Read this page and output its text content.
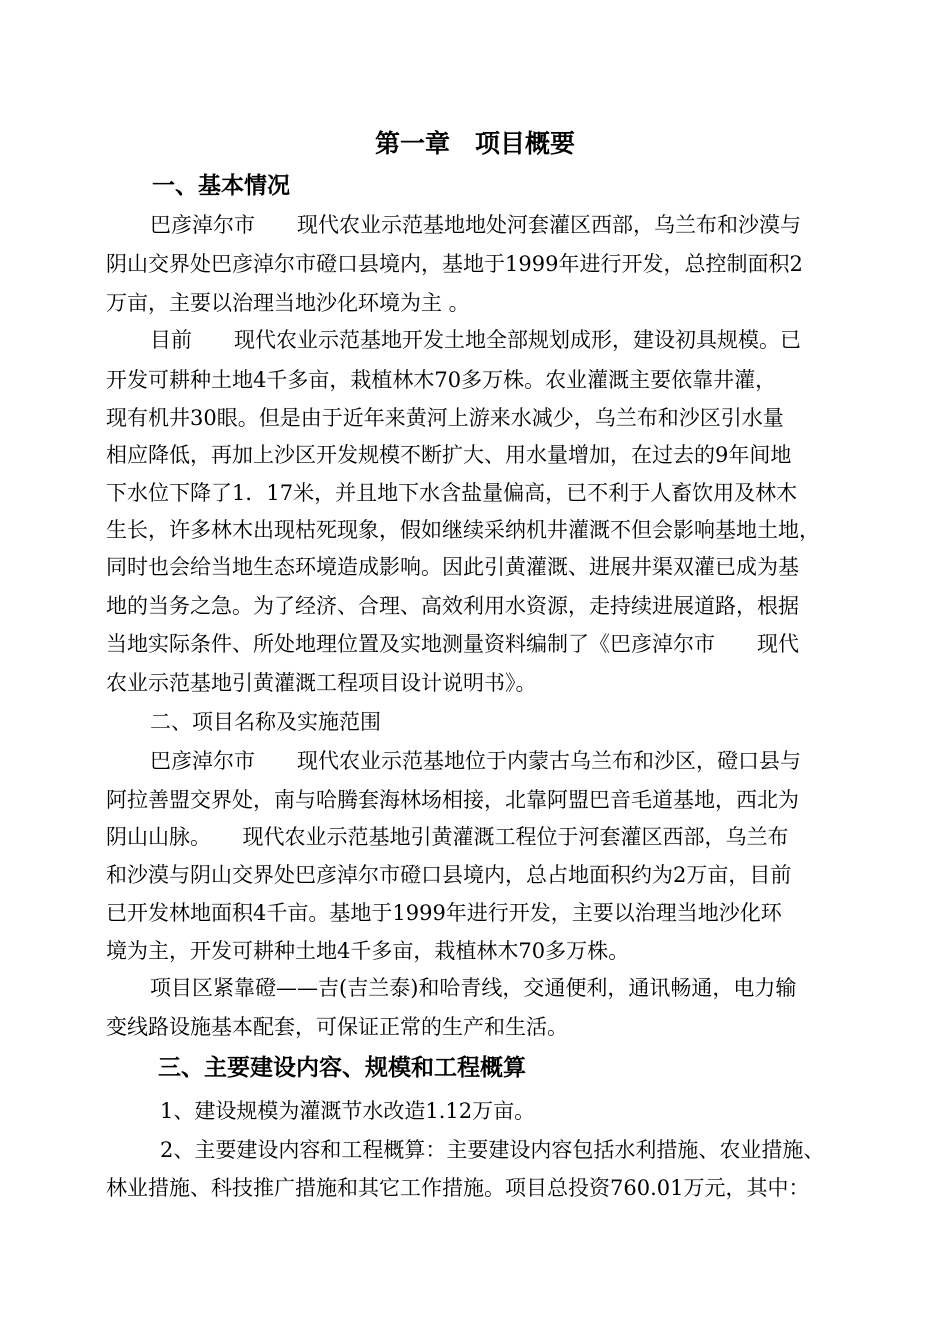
第一章　项目概要
一、基本情况
巴彦淖尔市　　现代农业示范基地地处河套灌区西部，乌兰布和沙漠与
阴山交界处巴彦淖尔市磴口县境内，基地于1999年进行开发，总控制面积2
万亩，主要以治理当地沙化环境为主 。
目前　　现代农业示范基地开发土地全部规划成形，建设初具规模。已
开发可耕种土地4千多亩，栽植林木70多万株。农业灌溉主要依靠井灌，
现有机井30眼。但是由于近年来黄河上游来水减少，乌兰布和沙区引水量
相应降低，再加上沙区开发规模不断扩大、用水量增加，在过去的9年间地
下水位下降了1．17米，并且地下水含盐量偏高，已不利于人畜饮用及林木
生长，许多林木出现枯死现象，假如继续采纳机井灌溉不但会影响基地土地，
同时也会给当地生态环境造成影响。因此引黄灌溉、进展井渠双灌已成为基
地的当务之急。为了经济、合理、高效利用水资源，走持续进展道路，根据
当地实际条件、所处地理位置及实地测量资料编制了《巴彦淖尔市　　现代
农业示范基地引黄灌溉工程项目设计说明书》。
二、项目名称及实施范围
巴彦淖尔市　　现代农业示范基地位于内蒙古乌兰布和沙区，磴口县与
阿拉善盟交界处，南与哈腾套海林场相接，北靠阿盟巴音毛道基地，西北为
阴山山脉。　　现代农业示范基地引黄灌溉工程位于河套灌区西部，乌兰布
和沙漠与阴山交界处巴彦淖尔市磴口县境内，总占地面积约为2万亩，目前
已开发林地面积4千亩。基地于1999年进行开发，主要以治理当地沙化环
境为主，开发可耕种土地4千多亩，栽植林木70多万株。
项目区紧靠磴——吉(吉兰泰)和哈青线，交通便利，通讯畅通，电力输
变线路设施基本配套，可保证正常的生产和生活。
三、主要建设内容、规模和工程概算
1、建设规模为灌溉节水改造1.12万亩。
2、主要建设内容和工程概算：主要建设内容包括水利措施、农业措施、
林业措施、科技推广措施和其它工作措施。项目总投资760.01万元，其中：
